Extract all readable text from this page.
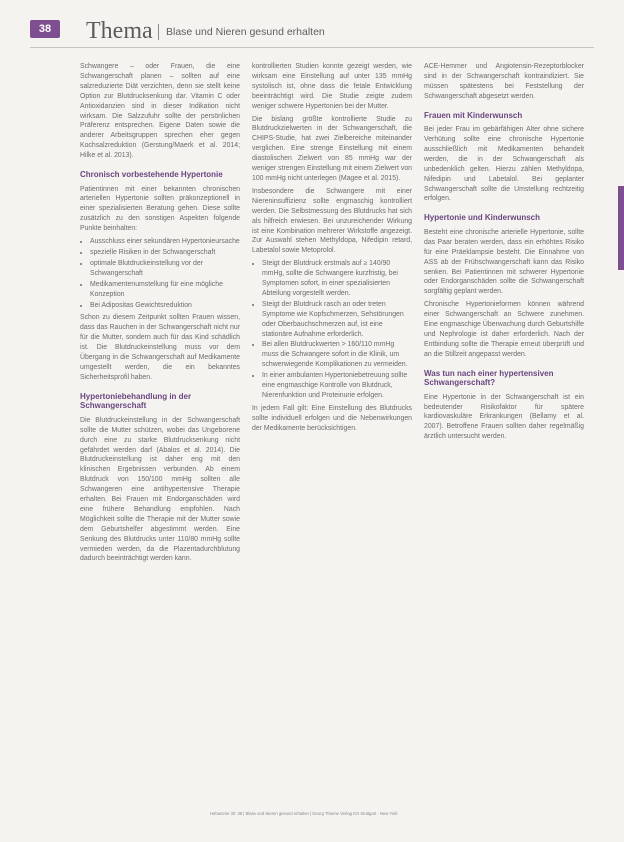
38	Thema Blase und Nieren gesund erhalten

Schwangere – oder Frauen, die eine Schwangerschaft planen – sollten auf eine salzreduzierte Diät verzichten, denn sie stellt keine Option zur Blutdrucksenkung dar. Vitamin C oder Antioxidanzien sind in dieser Indikation nicht wirksam. Die Salzzufuhr sollte der persönlichen Präferenz entsprechen. Eigene Daten sowie die anderer Arbeitsgruppen sprechen eher gegen Kochsalzreduktion (Gerstung/Maerk et al. 2014; Hilke et al. 2013).

Chronisch vorbestehende Hypertonie

Patientinnen mit einer bekannten chronischen arteriellen Hypertonie sollten präkonzeptionell in einer spezialisierten Beratung gehen. Diese sollte zusätzlich zu den sonstigen Aspekten folgende Punkte beinhalten:

• Ausschluss einer sekundären Hypertonieursache
• spezielle Risiken in der Schwangerschaft
• optimale Blutdruckeinstellung vor der Schwangerschaft
• Medikamentenumstellung für eine mögliche Konzeption
• Bei Adipositas Gewichtsreduktion

Schon zu diesem Zeitpunkt sollten Frauen wissen, dass das Rauchen in der Schwangerschaft nicht nur für die Mutter, sondern auch für das Kind schädlich ist. Die Blutdruckeinstellung muss vor dem Übergang in die Schwangerschaft auf Medikamente umgestellt werden, die ein bekanntes Sicherheitsprofil haben.

Hypertoniebehandlung in der Schwangerschaft

Die Blutdruckeinstellung in der Schwangerschaft sollte die Mutter schützen, wobei das Ungeborene durch eine zu starke Blutdrucksenkung nicht gefährdet werden darf (Abalos et al. 2014). Die Blutdruckeinstellung ist daher eng mit den klinischen Ergebnissen verbunden. Ab einem Blutdruck von 150/100 mmHg sollten alle Schwangeren eine antihypertensive Therapie erhalten. Bei Frauen mit Endorganschäden wird eine frühere Behandlung empfohlen. Nach Möglichkeit sollte die Therapie mit der Mutter sowie dem Geburtshelfer abgestimmt werden. Eine Senkung des Blutdrucks unter 110/80 mmHg sollte vermieden werden, da die Plazentadurchblutung dadurch beeinträchtigt werden kann.

kontrollierten Studien konnte gezeigt werden, wie wirksam eine Einstellung auf unter 135 mmHg systolisch ist, ohne dass die fetale Entwicklung beeinträchtigt wird. Die Studie zeigte zudem weniger schwere Hypertonien bei der Mutter.

Die bislang größte kontrollierte Studie zu Blutdruckzielwerten in der Schwangerschaft, die CHIPS-Studie, hat zwei Zielbereiche miteinander verglichen. Eine strenge Einstellung mit einem diastolischen Zielwert von 85 mmHg war der weniger strengen Einstellung mit einem Zielwert von 100 mmHg nicht unterlegen (Magee et al. 2015).

Insbesondere die Schwangere mit einer Niereninsuffizienz sollte engmaschig kontrolliert werden. Die Selbstmessung des Blutdrucks hat sich als hilfreich erwiesen. Bei unzureichender Wirkung ist eine Kombination mehrerer Wirkstoffe angezeigt. Zur Auswahl stehen Methyldopa, Nifedipin retard, Labetalol sowie Metoprolol.

• Steigt der Blutdruck erstmals auf ≥ 140/90 mmHg, sollte die Schwangere kurzfristig, bei Symptomen sofort, in einer spezialisierten Abteilung vorgestellt werden.
• Steigt der Blutdruck rasch an oder treten Symptome wie Kopfschmerzen, Sehstörungen oder Oberbauchschmerzen auf, ist eine stationäre Aufnahme erforderlich.
• Bei allen Blutdruckwerten > 160/110 mmHg muss die Schwangere sofort in die Klinik, um schwerwiegende Komplikationen zu vermeiden.
• In einer ambulanten Hypertoniebetreuung sollte eine engmaschige Kontrolle von Blutdruck, Nierenfunktion und Proteinurie erfolgen.

In jedem Fall gilt: Eine Einstellung des Blutdrucks sollte individuell erfolgen und die Nebenwirkungen der Medikamente berücksichtigen.

ACE-Hemmer und Angiotensin-Rezeptorblocker sind in der Schwangerschaft kontraindiziert. Sie müssen spätestens bei Feststellung der Schwangerschaft abgesetzt werden.

Frauen mit Kinderwunsch

Bei jeder Frau im gebärfähigen Alter ohne sichere Verhütung sollte eine chronische Hypertonie ausschließlich mit Medikamenten behandelt werden, die in der Schwangerschaft als unbedenklich gelten. Hierzu zählen Methyldopa, Nifedipin und Labetalol. Bei geplanter Schwangerschaft sollte die Umstellung rechtzeitig erfolgen.

Hypertonie und Kinderwunsch

Besteht eine chronische arterielle Hypertonie, sollte das Paar beraten werden, dass ein erhöhtes Risiko für eine Präeklampsie besteht. Die Einnahme von ASS ab der Frühschwangerschaft kann das Risiko senken. Bei Patientinnen mit schwerer Hypertonie oder Endorganschäden sollte die Schwangerschaft sorgfältig geplant werden.

Chronische Hypertonieformen können während einer Schwangerschaft an Schwere zunehmen. Eine engmaschige Überwachung durch Geburtshilfe und Nephrologie ist daher erforderlich. Nach der Entbindung sollte die Therapie erneut überprüft und an die Stillzeit angepasst werden.

Was tun nach einer hypertensiven Schwangerschaft?

Eine Hypertonie in der Schwangerschaft ist ein bedeutender Risikofaktor für spätere kardiovaskuläre Erkrankungen (Bellamy et al. 2007). Betroffene Frauen sollten daher regelmäßig ärztlich untersucht werden.

Hebamme 30: 38 | Blase und Nieren gesund erhalten | Georg Thieme Verlag KG Stuttgart · New York
